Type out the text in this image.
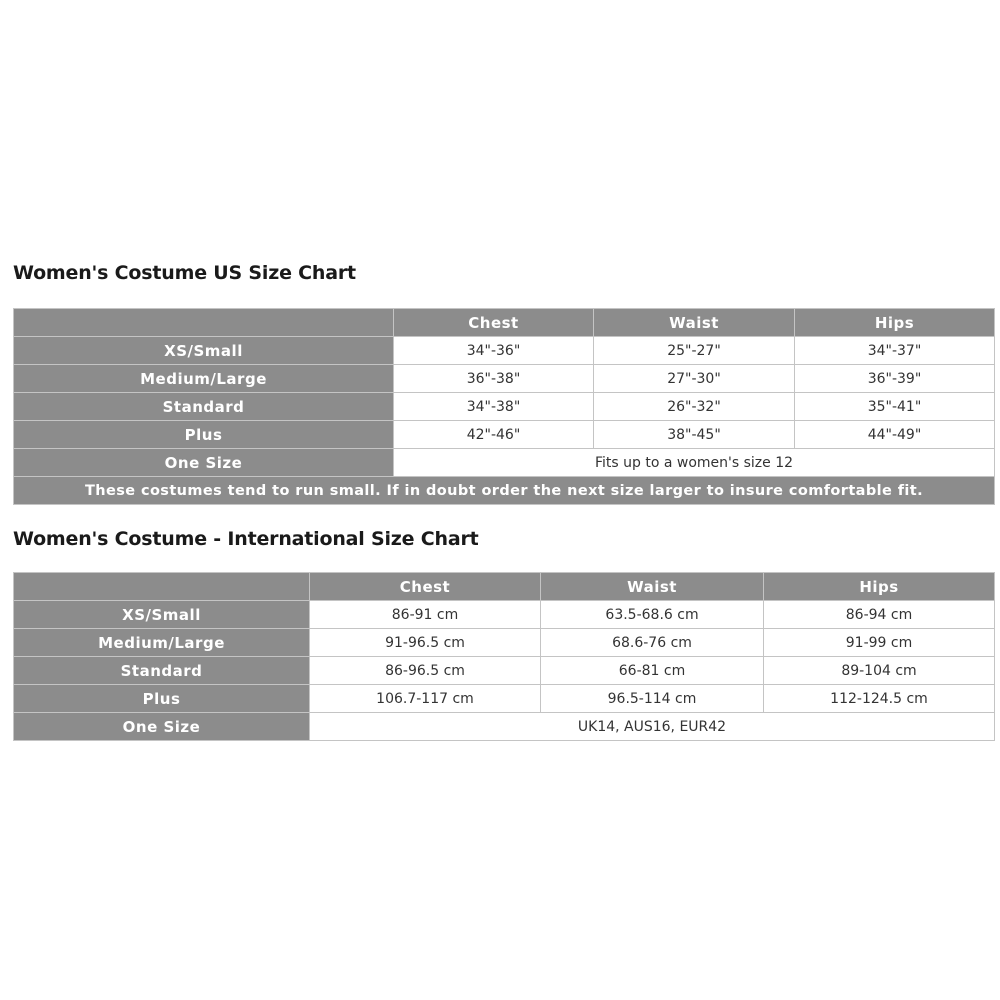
Women's Costume US Size Chart
	Chest	Waist	Hips
XS/Small	34"-36"	25"-27"	34"-37"
Medium/Large	36"-38"	27"-30"	36"-39"
Standard	34"-38"	26"-32"	35"-41"
Plus	42"-46"	38"-45"	44"-49"
One Size	Fits up to a women's size 12		
These costumes tend to run small. If in doubt order the next size larger to insure comfortable fit.			
Women's Costume - International Size Chart
	Chest	Waist	Hips
XS/Small	86-91 cm	63.5-68.6 cm	86-94 cm
Medium/Large	91-96.5 cm	68.6-76 cm	91-99 cm
Standard	86-96.5 cm	66-81 cm	89-104 cm
Plus	106.7-117 cm	96.5-114 cm	112-124.5 cm
One Size	UK14, AUS16, EUR42		
